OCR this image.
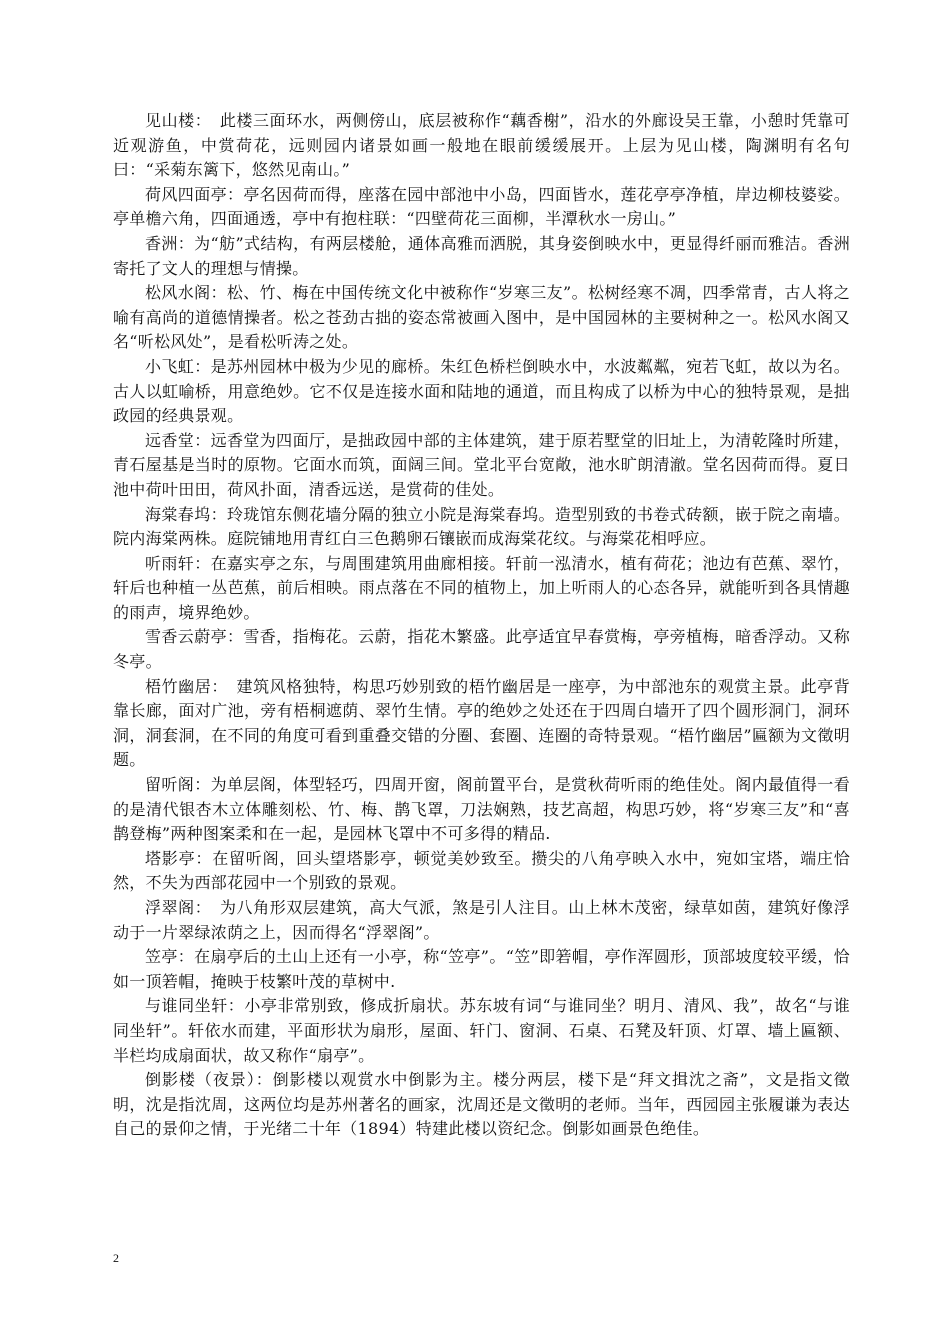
见山楼：　此楼三面环水，两侧傍山，底层被称作“藕香榭”，沿水的外廊设吴王靠，小憩时凭靠可近观游鱼，中赏荷花，远则园内诸景如画一般地在眼前缓缓展开。上层为见山楼，陶渊明有名句曰：“采菊东篱下，悠然见南山。”

荷风四面亭：亭名因荷而得，座落在园中部池中小岛，四面皆水，莲花亭亭净植，岸边柳枝婆娑。亭单檐六角，四面通透，亭中有抱柱联：“四壁荷花三面柳，半潭秋水一房山。”

香洲：为“舫”式结构，有两层楼舱，通体高雅而洒脱，其身姿倒映水中，更显得纤丽而雅洁。香洲寄托了文人的理想与情操。

松风水阁：松、竹、梅在中国传统文化中被称作“岁寒三友”。松树经寒不凋，四季常青，古人将之喻有高尚的道德情操者。松之苍劲古拙的姿态常被画入图中，是中国园林的主要树种之一。松风水阁又名“听松风处”，是看松听涛之处。

小飞虹：是苏州园林中极为少见的廊桥。朱红色桥栏倒映水中，水波粼粼，宛若飞虹，故以为名。古人以虹喻桥，用意绝妙。它不仅是连接水面和陆地的通道，而且构成了以桥为中心的独特景观，是拙政园的经典景观。

远香堂：远香堂为四面厅，是拙政园中部的主体建筑，建于原若墅堂的旧址上，为清乾隆时所建，青石屋基是当时的原物。它面水而筑，面阔三间。堂北平台宽敞，池水旷朗清澈。堂名因荷而得。夏日池中荷叶田田，荷风扑面，清香远送，是赏荷的佳处。

海棠春坞：玲珑馆东侧花墙分隔的独立小院是海棠春坞。造型别致的书卷式砖额，嵌于院之南墙。院内海棠两株。庭院铺地用青红白三色鹅卵石镶嵌而成海棠花纹。与海棠花相呼应。

听雨轩：在嘉实亭之东，与周围建筑用曲廊相接。轩前一泓清水，植有荷花；池边有芭蕉、翠竹，轩后也种植一丛芭蕉，前后相映。雨点落在不同的植物上，加上听雨人的心态各异，就能听到各具情趣的雨声，境界绝妙。

雪香云蔚亭：雪香，指梅花。云蔚，指花木繁盛。此亭适宜早春赏梅，亭旁植梅，暗香浮动。又称冬亭。

梧竹幽居：　建筑风格独特，构思巧妙别致的梧竹幽居是一座亭，为中部池东的观赏主景。此亭背靠长廊，面对广池，旁有梧桐遮荫、翠竹生情。亭的绝妙之处还在于四周白墙开了四个圆形洞门，洞环洞，洞套洞，在不同的角度可看到重叠交错的分圈、套圈、连圈的奇特景观。“梧竹幽居”匾额为文徵明题。

留听阁：为单层阁，体型轻巧，四周开窗，阁前置平台，是赏秋荷听雨的绝佳处。阁内最值得一看的是清代银杏木立体雕刻松、竹、梅、鹊飞罩，刀法娴熟，技艺高超，构思巧妙，将“岁寒三友”和“喜鹊登梅”两种图案柔和在一起，是园林飞罩中不可多得的精品.

塔影亭：在留听阁，回头望塔影亭，顿觉美妙致至。攒尖的八角亭映入水中，宛如宝塔，端庄恰然，不失为西部花园中一个别致的景观。

浮翠阁：　为八角形双层建筑，高大气派，煞是引人注目。山上林木茂密，绿草如茵，建筑好像浮动于一片翠绿浓荫之上，因而得名“浮翠阁”。

笠亭：在扇亭后的土山上还有一小亭，称“笠亭”。“笠”即箬帽，亭作浑圆形，顶部坡度较平缓，恰如一顶箬帽，掩映于枝繁叶茂的草树中.

与谁同坐轩：小亭非常别致，修成折扇状。苏东坡有词“与谁同坐？明月、清风、我”，故名“与谁同坐轩”。轩依水而建，平面形状为扇形，屋面、轩门、窗洞、石桌、石凳及轩顶、灯罩、墙上匾额、半栏均成扇面状，故又称作“扇亭”。

倒影楼（夜景）：倒影楼以观赏水中倒影为主。楼分两层，楼下是“拜文揖沈之斋”，文是指文徵明，沈是指沈周，这两位均是苏州著名的画家，沈周还是文徵明的老师。当年，西园园主张履谦为表达自己的景仰之情，于光绪二十年（1894）特建此楼以资纪念。倒影如画景色绝佳。

2
